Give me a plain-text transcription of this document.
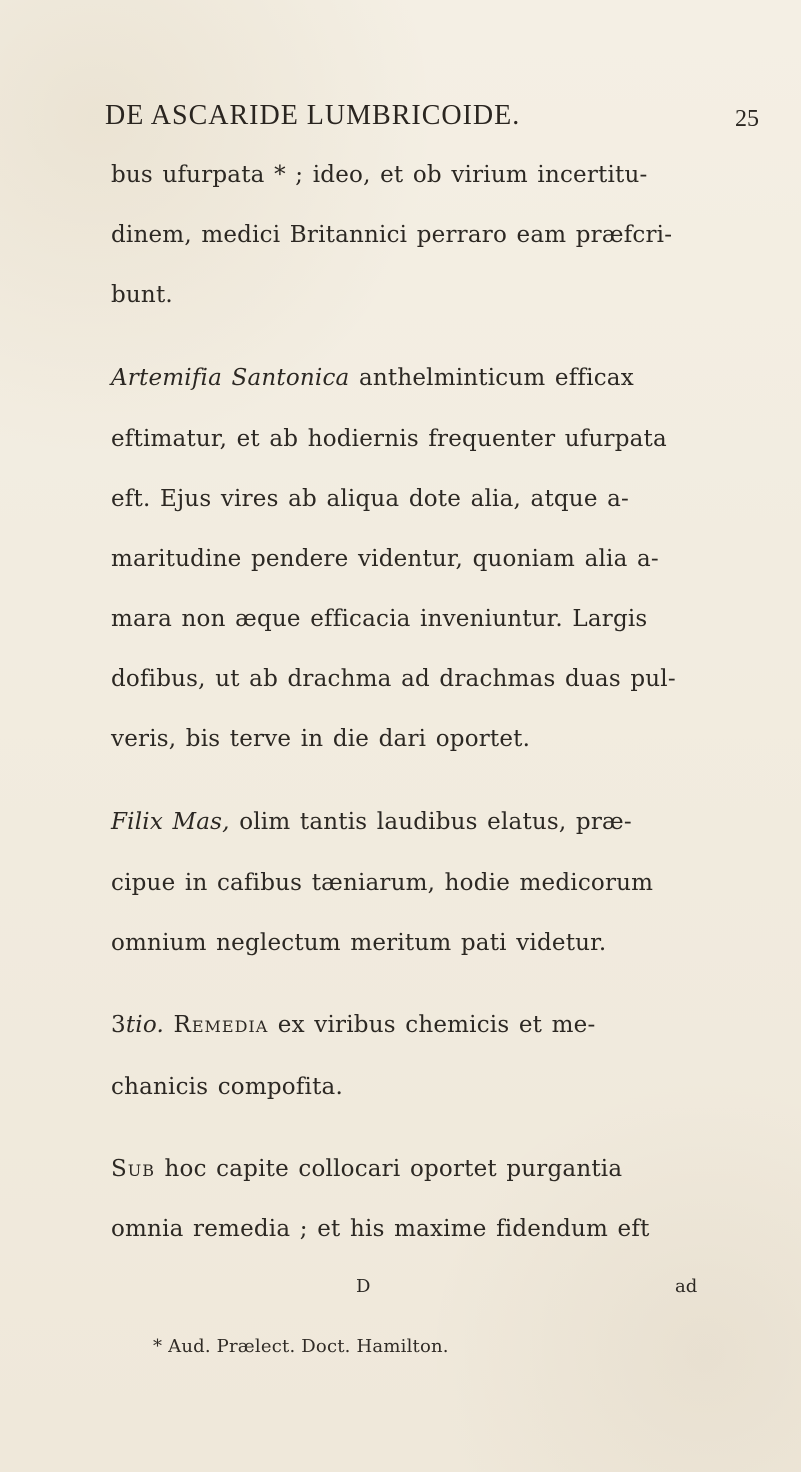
DE ASCARIDE LUMBRICOIDE.	25
bus ufurpata * ; ideo, et ob virium incertitu-
dinem, medici Britannici perraro eam præfcri-
bunt.
Artemifia Santonica anthelminticum efficax
eftimatur, et ab hodiernis frequenter ufurpata
eft. Ejus vires ab aliqua dote alia, atque a-
maritudine pendere videntur, quoniam alia a-
mara non æque efficacia inveniuntur. Largis
dofibus, ut ab drachma ad drachmas duas pul-
veris, bis terve in die dari oportet.
Filix Mas, olim tantis laudibus elatus, præ-
cipue in cafibus tæniarum, hodie medicorum
omnium neglectum meritum pati videtur.
3tio. Remedia ex viribus chemicis et me-
chanicis compofita.
Sub hoc capite collocari oportet purgantia
omnia remedia ; et his maxime fidendum eft
D	ad
* Aud. Prælect. Doct. Hamilton.
